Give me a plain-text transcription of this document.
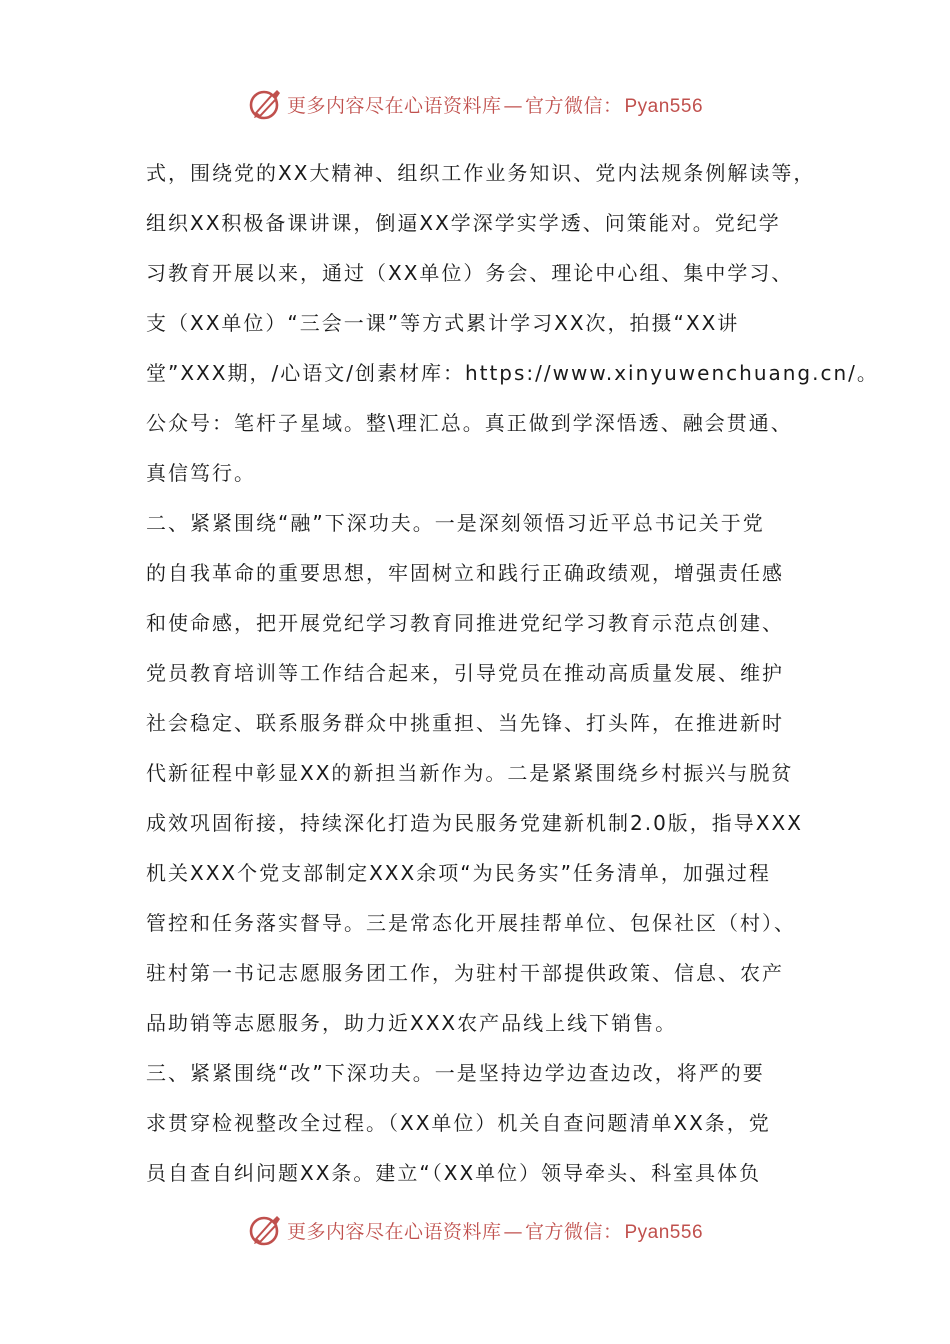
更多内容尽在心语资料库 — 官方微信： Pyan556
式，围绕党的XX大精神、组织工作业务知识、党内法规条例解读等，
组织XX积极备课讲课，倒逼XX学深学实学透、问策能对。党纪学
习教育开展以来，通过（XX单位）务会、理论中心组、集中学习、
支（XX单位）“三会一课”等方式累计学习XX次，拍摄“XX讲
堂”XXX期，/心语文/创素材库：https://www.xinyuwenchuang.cn/。
公众号：笔杆子星域。整\理汇总。真正做到学深悟透、融会贯通、
真信笃行。
二、紧紧围绕“融”下深功夫。一是深刻领悟习近平总书记关于党
的自我革命的重要思想，牢固树立和践行正确政绩观，增强责任感
和使命感，把开展党纪学习教育同推进党纪学习教育示范点创建、
党员教育培训等工作结合起来，引导党员在推动高质量发展、维护
社会稳定、联系服务群众中挑重担、当先锋、打头阵，在推进新时
代新征程中彰显XX的新担当新作为。二是紧紧围绕乡村振兴与脱贫
成效巩固衔接，持续深化打造为民服务党建新机制2.0版，指导XXX
机关XXX个党支部制定XXX余项“为民务实”任务清单，加强过程
管控和任务落实督导。三是常态化开展挂帮单位、包保社区（村）、
驻村第一书记志愿服务团工作，为驻村干部提供政策、信息、农产
品助销等志愿服务，助力近XXX农产品线上线下销售。
三、紧紧围绕“改”下深功夫。一是坚持边学边查边改，将严的要
求贯穿检视整改全过程。（XX单位）机关自查问题清单XX条，党
员自查自纠问题XX条。建立“（XX单位）领导牵头、科室具体负
更多内容尽在心语资料库 — 官方微信： Pyan556
